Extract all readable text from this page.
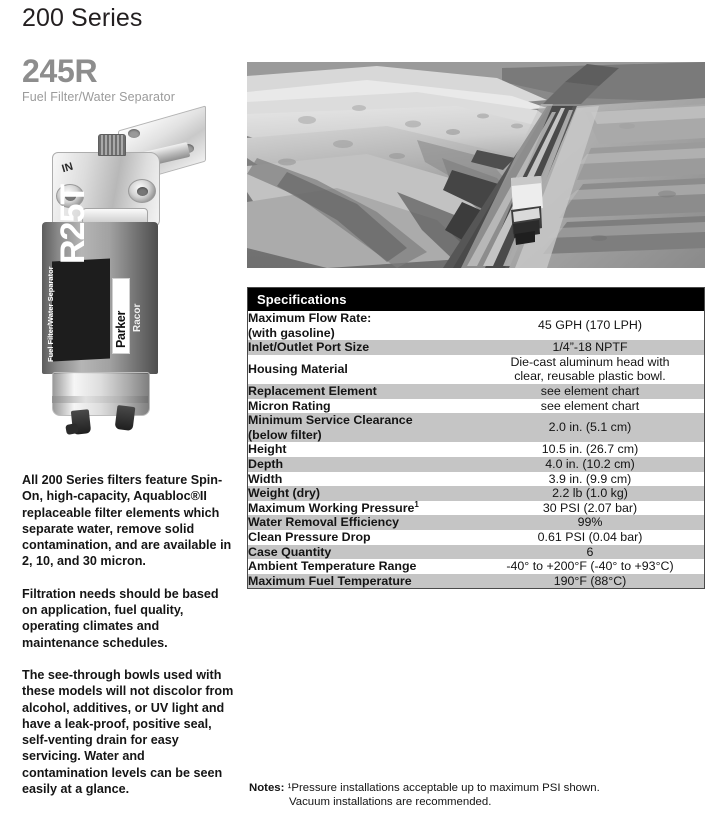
200 Series
245R
Fuel Filter/Water Separator
IN
R25T
Fuel Filter/Water Separator	Parker Racor

All 200 Series filters feature Spin-On, high-capacity, Aquabloc®II replaceable filter elements which separate water, remove solid contamination, and are available in 2, 10, and 30 micron.

Filtration needs should be based on application, fuel quality, operating climates and maintenance schedules.

The see-through bowls used with these models will not discolor from alcohol, additives, or UV light and have a leak-proof, positive seal, self-venting drain for easy servicing. Water and contamination levels can be seen easily at a glance.

Specifications	
Maximum Flow Rate:
(with gasoline)	45 GPH (170 LPH)
Inlet/Outlet Port Size	1/4”-18 NPTF
Housing Material	Die-cast aluminum head with
clear, reusable plastic bowl.
Replacement Element	see element chart
Micron Rating	see element chart
Minimum Service Clearance
(below filter)	2.0 in. (5.1 cm)
Height	10.5 in. (26.7 cm)
Depth	4.0 in. (10.2 cm)
Width	3.9 in. (9.9 cm)
Weight (dry)	2.2 lb (1.0 kg)
Maximum Working Pressure$^1$	30 PSI (2.07 bar)
Water Removal Efficiency	99%
Clean Pressure Drop	0.61 PSI (0.04 bar)
Case Quantity	6
Ambient Temperature Range	-40° to +200°F (-40° to +93°C)
Maximum Fuel Temperature	190°F (88°C)
Notes: ¹Pressure installations acceptable up to maximum PSI shown.
Vacuum installations are recommended.
